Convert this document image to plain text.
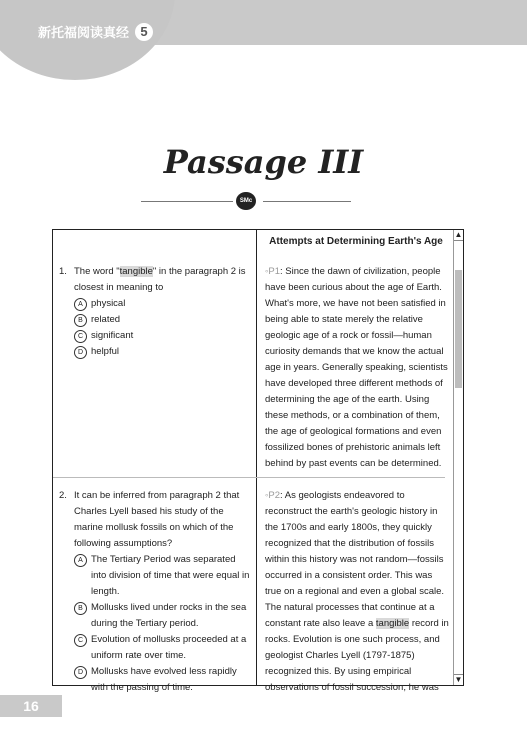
新托福阅读真经 5
Passage III
SMc
1. The word "tangible" in the paragraph 2 is closest in meaning to
A physical
B related
C significant
D helpful
2. It can be inferred from paragraph 2 that Charles Lyell based his study of the marine mollusk fossils on which of the following assumptions?
A The Tertiary Period was separated into division of time that were equal in length.
B Mollusks lived under rocks in the sea during the Tertiary period.
C Evolution of mollusks proceeded at a uniform rate over time.
D Mollusks have evolved less rapidly with the passing of time.
Attempts at Determining Earth's Age
◦P1: Since the dawn of civilization, people have been curious about the age of Earth. What's more, we have not been satisfied in being able to state merely the relative geologic age of a rock or fossil—human curiosity demands that we know the actual age in years. Generally speaking, scientists have developed three different methods of determining the age of the earth. Using these methods, or a combination of them, the age of geological formations and even fossilized bones of prehistoric animals left behind by past events can be determined.
◦P2: As geologists endeavored to reconstruct the earth's geologic history in the 1700s and early 1800s, they quickly recognized that the distribution of fossils within this history was not random—fossils occurred in a consistent order. This was true on a regional and even a global scale. The natural processes that continue at a constant rate also leave a tangible record in rocks. Evolution is one such process, and geologist Charles Lyell (1797-1875) recognized this. By using empirical observations of fossil succession, he was
▲
▼
16
